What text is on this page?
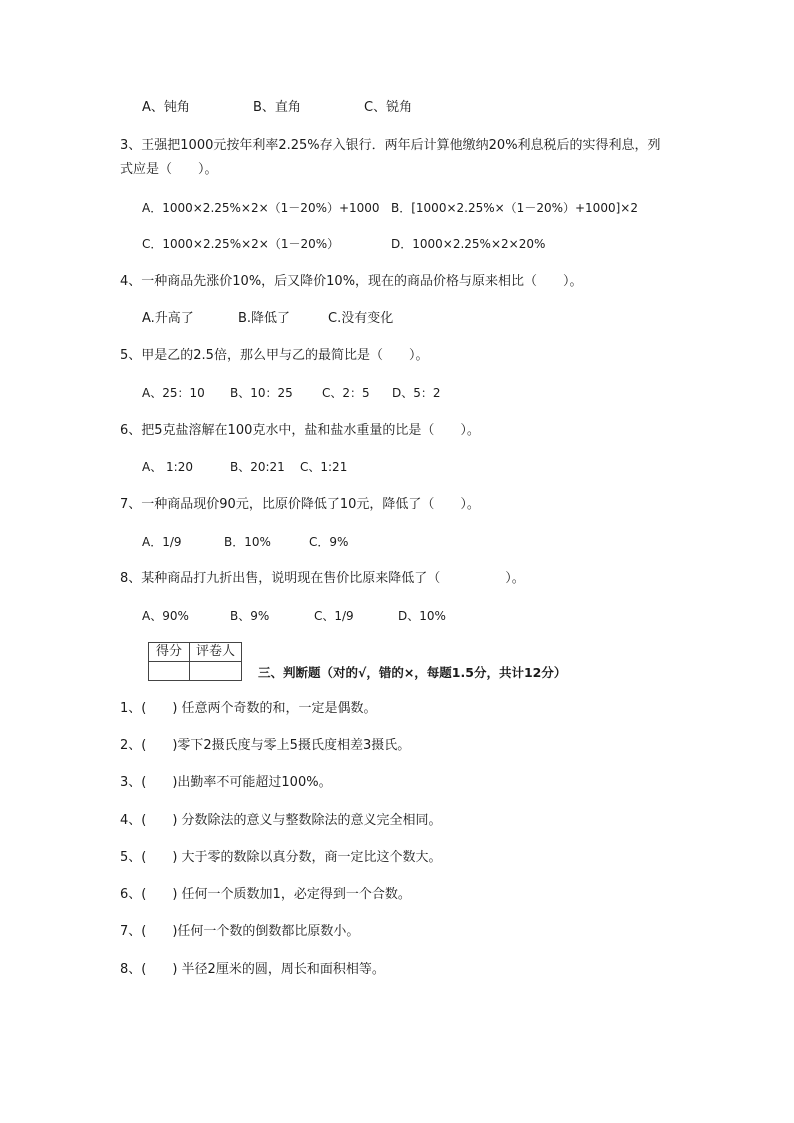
A、钝角	B、直角	C、锐角
3、王强把1000元按年利率2.25%存入银行．两年后计算他缴纳20%利息税后的实得利息，列
式应是（　　）。
A．1000×2.25%×2×（1－20%）+1000 B．[1000×2.25%×（1－20%）+1000]×2
C．1000×2.25%×2×（1－20%）	D．1000×2.25%×2×20%
4、一种商品先涨价10%，后又降价10%，现在的商品价格与原来相比（　　）。
A.升高了	B.降低了	C.没有变化
5、甲是乙的2.5倍，那么甲与乙的最简比是（　　）。
A、25：10 B、10：25 C、2：5 D、5：2
6、把5克盐溶解在100克水中，盐和盐水重量的比是（　　）。
A、 1:20	B、20:21 C、1:21
7、一种商品现价90元，比原价降低了10元，降低了（　　）。
A．1/9	B．10%	C．9%
8、某种商品打九折出售，说明现在售价比原来降低了（　　　　　）。
A、90%	B、9%	C、1/9	D、10%
得分	评卷人

三、判断题（对的√，错的×，每题1.5分，共计12分）
1、(　　) 任意两个奇数的和，一定是偶数。
2、(　　)零下2摄氏度与零上5摄氏度相差3摄氏。
3、(　　)出勤率不可能超过100%。
4、(　　) 分数除法的意义与整数除法的意义完全相同。
5、(　　) 大于零的数除以真分数，商一定比这个数大。
6、(　　) 任何一个质数加1，必定得到一个合数。
7、(　　)任何一个数的倒数都比原数小。
8、(　　) 半径2厘米的圆，周长和面积相等。
